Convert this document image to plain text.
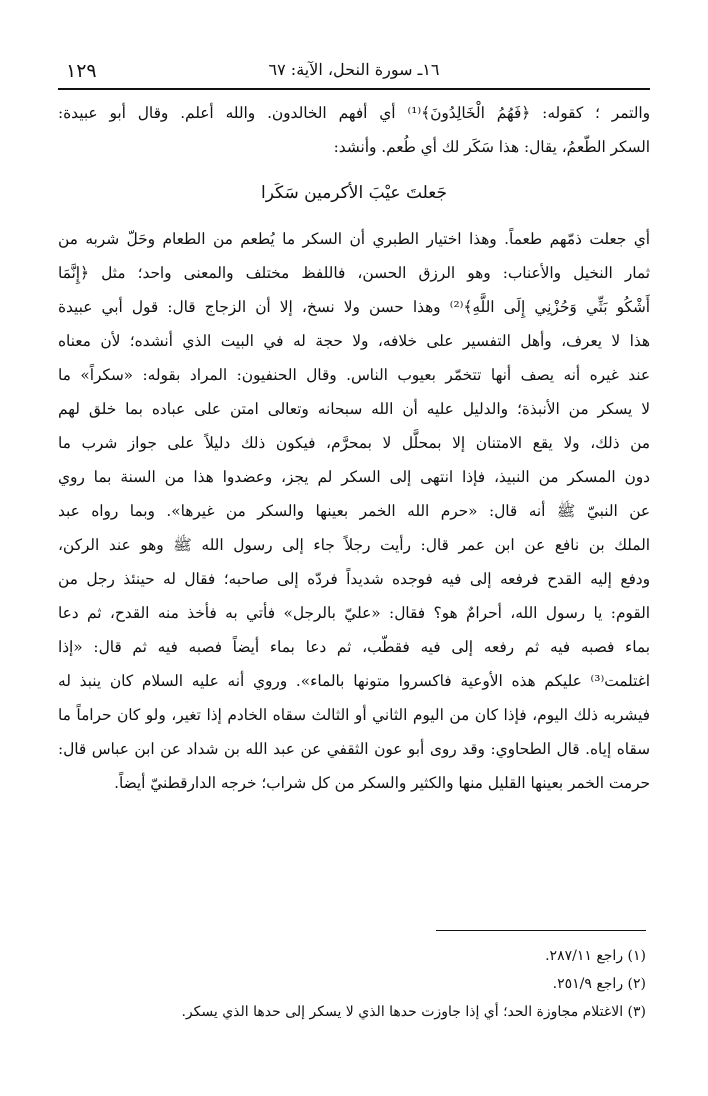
١٢٩	١٦ـ سورة النحل، الآية: ٦٧
والتمر ؛ كقوله: ﴿فَهُمُ الْخَالِدُونَ﴾⁽¹⁾ أي أفهم الخالدون. والله أعلم. وقال أبو عبيدة:
السكر الطّعمُ، يقال: هذا سَكَر لك أي طُعم. وأنشد:
جَعلتَ عيْبَ الأكرمين سَكَرا
أي جعلت ذمّهم طعماً. وهذا اختيار الطبري أن السكر ما يُطعم من الطعام وحَلّ شربه من
ثمار النخيل والأعناب: وهو الرزق الحسن، فاللفظ مختلف والمعنى واحد؛ مثل ﴿إِنَّمَا
أَشْكُو بَثِّي وَحُزْنِي إِلَى اللَّهِ﴾⁽²⁾ وهذا حسن ولا نسخ، إلا أن الزجاج قال: قول أبي عبيدة
هذا لا يعرف، وأهل التفسير على خلافه، ولا حجة له في البيت الذي أنشده؛ لأن معناه
عند غيره أنه يصف أنها تتخمّر بعيوب الناس. وقال الحنفيون: المراد بقوله: «سكراً» ما
لا يسكر من الأنبذة؛ والدليل عليه أن الله سبحانه وتعالى امتن على عباده بما خلق لهم
من ذلك، ولا يقع الامتنان إلا بمحلَّل لا بمحرَّم، فيكون ذلك دليلاً على جواز شرب ما
دون المسكر من النبيذ، فإذا انتهى إلى السكر لم يجز، وعضدوا هذا من السنة بما روي
عن النبيّ ﷺ أنه قال: «حرم الله الخمر بعينها والسكر من غيرها». وبما رواه عبد
الملك بن نافع عن ابن عمر قال: رأيت رجلاً جاء إلى رسول الله ﷺ وهو عند الركن،
ودفع إليه القدح فرفعه إلى فيه فوجده شديداً فردّه إلى صاحبه؛ فقال له حينئذ رجل من
القوم: يا رسول الله، أحرامٌ هو؟ فقال: «عليّ بالرجل» فأتي به فأخذ منه القدح، ثم دعا
بماء فصبه فيه ثم رفعه إلى فيه فقطّب، ثم دعا بماء أيضاً فصبه فيه ثم قال: «إذا
اغتلمت⁽³⁾ عليكم هذه الأوعية فاكسروا متونها بالماء». وروي أنه عليه السلام كان ينبذ له
فيشربه ذلك اليوم، فإذا كان من اليوم الثاني أو الثالث سقاه الخادم إذا تغير، ولو كان حراماً ما
سقاه إياه. قال الطحاوي: وقد روى أبو عون الثقفي عن عبد الله بن شداد عن ابن عباس قال:
حرمت الخمر بعينها القليل منها والكثير والسكر من كل شراب؛ خرجه الدارقطنيّ أيضاً.
(١) راجع ٢٨٧/١١.
(٢) راجع ٢٥١/٩.
(٣) الاغتلام مجاوزة الحد؛ أي إذا جاوزت حدها الذي لا يسكر إلى حدها الذي يسكر.
